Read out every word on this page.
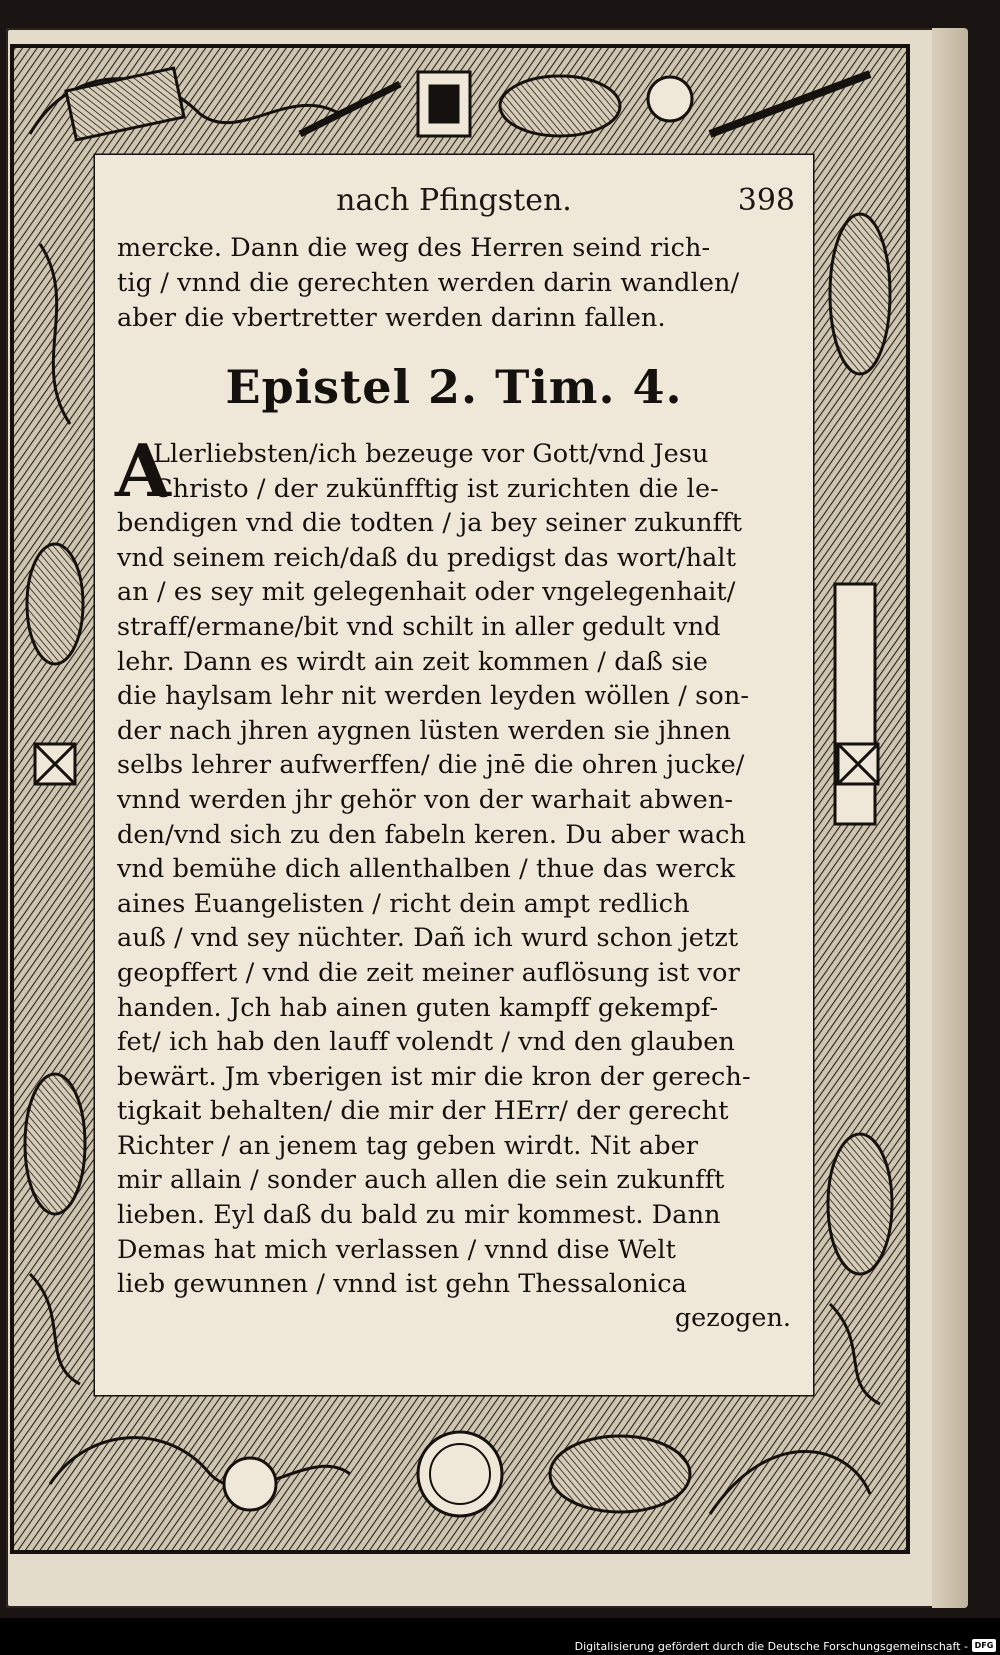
nach Pfingsten.	398
mercke. Dann die weg des Herren seind rich-
tig / vnnd die gerechten werden darin wandlen/
aber die vbertretter werden darinn fallen.
Epistel 2. Tim. 4.
A
Llerliebsten/ich bezeuge vor Gott/vnd Jesu
Christo / der zukünfftig ist zurichten die le-
bendigen vnd die todten / ja bey seiner zukunfft
vnd seinem reich/daß du predigst das wort/halt
an / es sey mit gelegenhait oder vngelegenhait/
straff/ermane/bit vnd schilt in aller gedult vnd
lehr. Dann es wirdt ain zeit kommen / daß sie
die haylsam lehr nit werden leyden wöllen / son-
der nach jhren aygnen lüsten werden sie jhnen
selbs lehrer aufwerffen/ die jnē die ohren jucke/
vnnd werden jhr gehör von der warhait abwen-
den/vnd sich zu den fabeln keren. Du aber wach
vnd bemühe dich allenthalben / thue das werck
aines Euangelisten / richt dein ampt redlich
auß / vnd sey nüchter. Dañ ich wurd schon jetzt
geopffert / vnd die zeit meiner auflösung ist vor
handen. Jch hab ainen guten kampff gekempf-
fet/ ich hab den lauff volendt / vnd den glauben
bewärt. Jm vberigen ist mir die kron der gerech-
tigkait behalten/ die mir der HErr/ der gerecht
Richter / an jenem tag geben wirdt. Nit aber
mir allain / sonder auch allen die sein zukunfft
lieben. Eyl daß du bald zu mir kommest. Dann
Demas hat mich verlassen / vnnd dise Welt
lieb gewunnen / vnnd ist gehn Thessalonica
gezogen.
Digitalisierung gefördert durch die Deutsche Forschungsgemeinschaft - DFG
